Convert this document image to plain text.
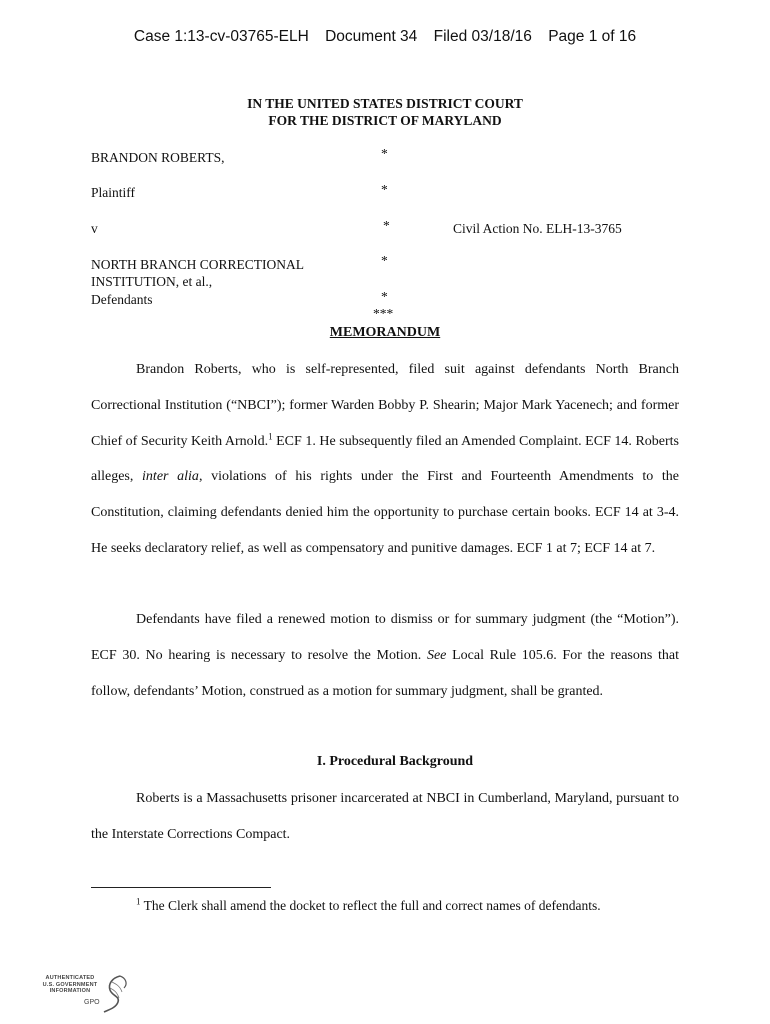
Case 1:13-cv-03765-ELH Document 34 Filed 03/18/16 Page 1 of 16
IN THE UNITED STATES DISTRICT COURT
FOR THE DISTRICT OF MARYLAND
BRANDON ROBERTS,	*
Plaintiff	*
v	*	Civil Action No. ELH-13-3765
NORTH BRANCH CORRECTIONAL	*
INSTITUTION, et al.,
Defendants	*
***
MEMORANDUM

Brandon Roberts, who is self-represented, filed suit against defendants North Branch Correctional Institution (“NBCI”); former Warden Bobby P. Shearin; Major Mark Yacenech; and former Chief of Security Keith Arnold.$^1$ ECF 1. He subsequently filed an Amended Complaint. ECF 14. Roberts alleges, inter alia, violations of his rights under the First and Fourteenth Amendments to the Constitution, claiming defendants denied him the opportunity to purchase certain books. ECF 14 at 3-4. He seeks declaratory relief, as well as compensatory and punitive damages. ECF 1 at 7; ECF 14 at 7.

Defendants have filed a renewed motion to dismiss or for summary judgment (the “Motion”). ECF 30. No hearing is necessary to resolve the Motion. See Local Rule 105.6. For the reasons that follow, defendants’ Motion, construed as a motion for summary judgment, shall be granted.

I. Procedural Background

Roberts is a Massachusetts prisoner incarcerated at NBCI in Cumberland, Maryland, pursuant to the Interstate Corrections Compact.

$^1$ The Clerk shall amend the docket to reflect the full and correct names of defendants.
AUTHENTICATED
U.S. GOVERNMENT
INFORMATION
GPO
